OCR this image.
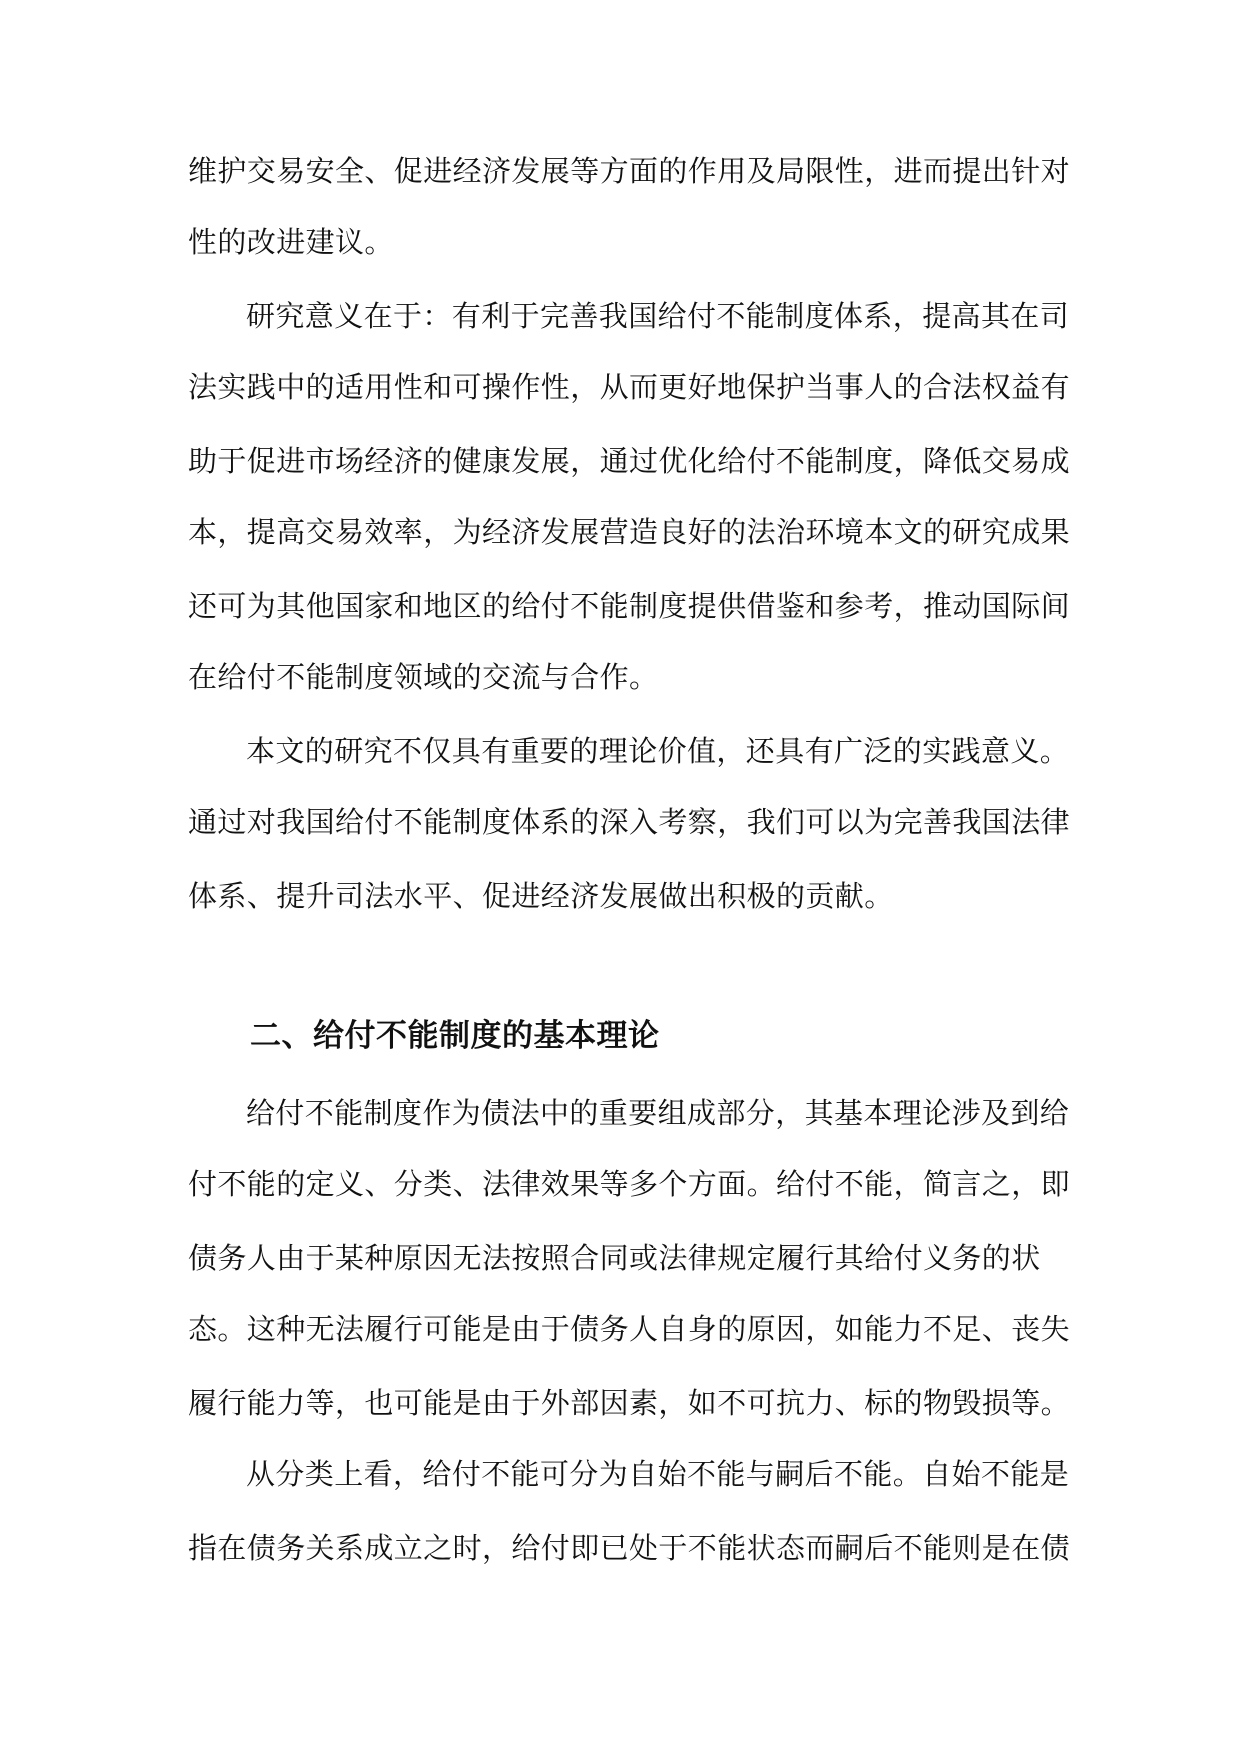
维护交易安全、促进经济发展等方面的作用及局限性，进而提出针对
性的改进建议。
研究意义在于：有利于完善我国给付不能制度体系，提高其在司
法实践中的适用性和可操作性，从而更好地保护当事人的合法权益有
助于促进市场经济的健康发展，通过优化给付不能制度，降低交易成
本，提高交易效率，为经济发展营造良好的法治环境本文的研究成果
还可为其他国家和地区的给付不能制度提供借鉴和参考，推动国际间
在给付不能制度领域的交流与合作。
本文的研究不仅具有重要的理论价值，还具有广泛的实践意义。
通过对我国给付不能制度体系的深入考察，我们可以为完善我国法律
体系、提升司法水平、促进经济发展做出积极的贡献。
二、给付不能制度的基本理论
给付不能制度作为债法中的重要组成部分，其基本理论涉及到给
付不能的定义、分类、法律效果等多个方面。给付不能，简言之，即
债务人由于某种原因无法按照合同或法律规定履行其给付义务的状
态。这种无法履行可能是由于债务人自身的原因，如能力不足、丧失
履行能力等，也可能是由于外部因素，如不可抗力、标的物毁损等。
从分类上看，给付不能可分为自始不能与嗣后不能。自始不能是
指在债务关系成立之时，给付即已处于不能状态而嗣后不能则是在债
